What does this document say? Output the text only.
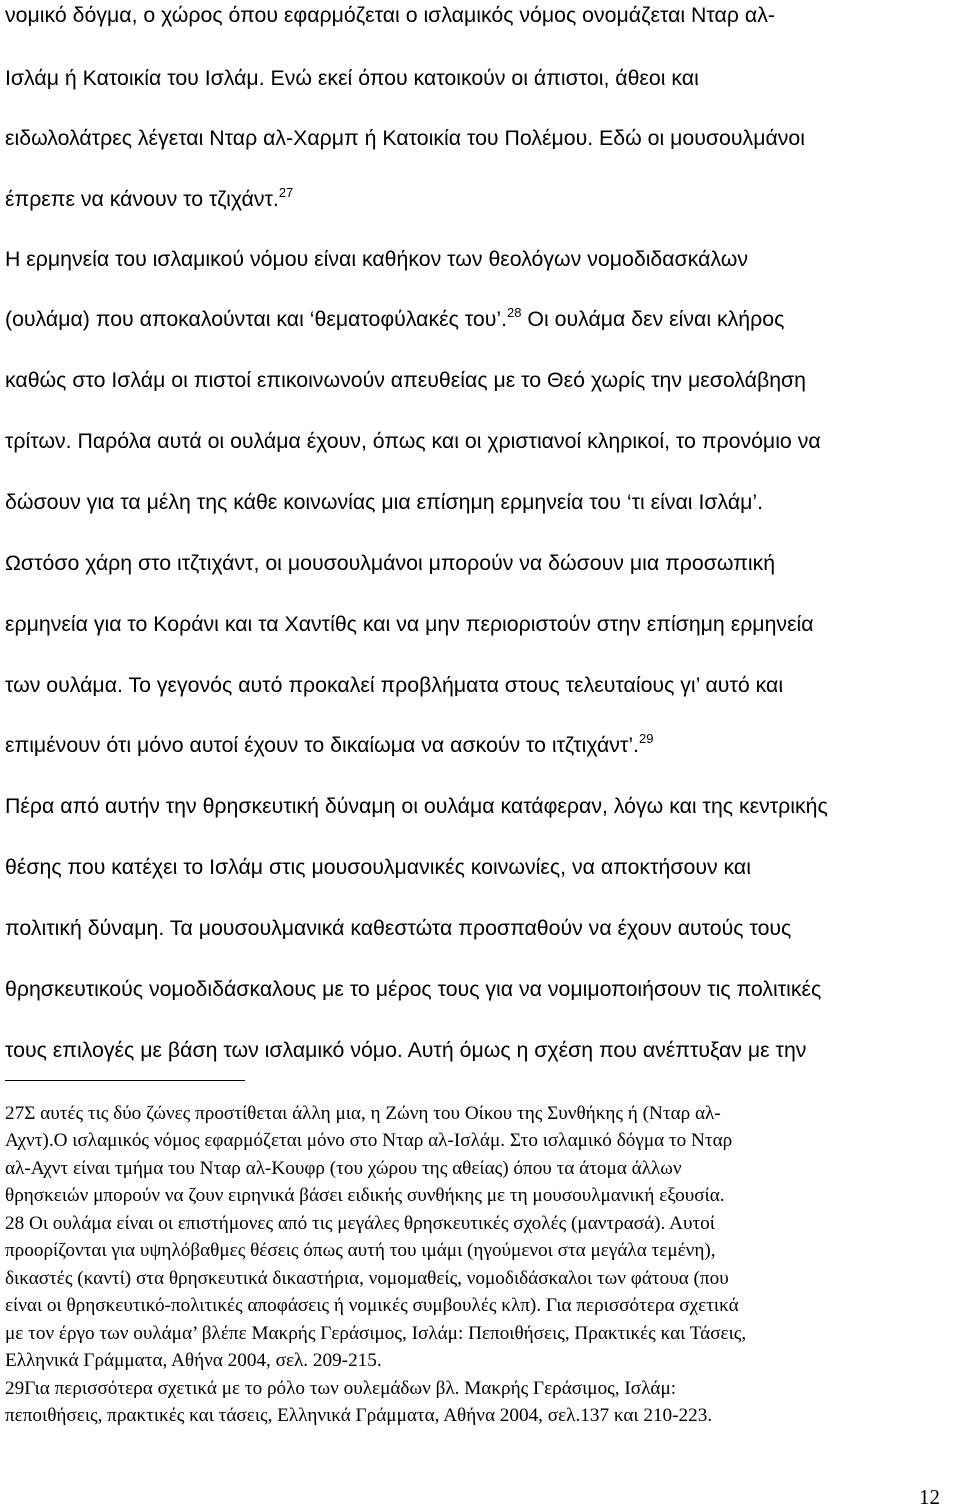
νομικό δόγμα, ο χώρος όπου εφαρμόζεται ο ισλαμικός νόμος ονομάζεται Νταρ αλ-
Ισλάμ ή Κατοικία του Ισλάμ. Ενώ εκεί όπου κατοικούν οι άπιστοι, άθεοι και
ειδωλολάτρες λέγεται Νταρ αλ-Χαρμπ ή Κατοικία του Πολέμου. Εδώ οι μουσουλμάνοι
έπρεπε να κάνουν το τζιχάντ.$^{27}$
Η ερμηνεία του ισλαμικού νόμου είναι καθήκον των θεολόγων νομοδιδασκάλων
(ουλάμα) που αποκαλούνται και ‘θεματοφύλακές του’.$^{28}$ Οι ουλάμα δεν είναι κλήρος
καθώς στο Ισλάμ οι πιστοί επικοινωνούν απευθείας με το Θεό χωρίς την μεσολάβηση
τρίτων. Παρόλα αυτά οι ουλάμα έχουν, όπως και οι χριστιανοί κληρικοί, το προνόμιο να
δώσουν για τα μέλη της κάθε κοινωνίας μια επίσημη ερμηνεία του ‘τι είναι Ισλάμ’.
Ωστόσο χάρη στο ιτζτιχάντ, οι μουσουλμάνοι μπορούν να δώσουν μια προσωπική
ερμηνεία για το Κοράνι και τα Χαντίθς και να μην περιοριστούν στην επίσημη ερμηνεία
των ουλάμα. Το γεγονός αυτό προκαλεί προβλήματα στους τελευταίους γι’ αυτό και
επιμένουν ότι μόνο αυτοί έχουν το δικαίωμα να ασκούν το ιτζτιχάντ’.$^{29}$
Πέρα από αυτήν την θρησκευτική δύναμη οι ουλάμα κατάφεραν, λόγω και της κεντρικής
θέσης που κατέχει το Ισλάμ στις μουσουλμανικές κοινωνίες, να αποκτήσουν και
πολιτική δύναμη. Τα μουσουλμανικά καθεστώτα προσπαθούν να έχουν αυτούς τους
θρησκευτικούς νομοδιδάσκαλους με το μέρος τους για να νομιμοποιήσουν τις πολιτικές
τους επιλογές με βάση των ισλαμικό νόμο. Αυτή όμως η σχέση που ανέπτυξαν με την
27Σ αυτές τις δύο ζώνες προστίθεται άλλη μια, η Ζώνη του Οίκου της Συνθήκης ή (Νταρ αλ-
Αχντ).Ο ισλαμικός νόμος εφαρμόζεται μόνο στο Νταρ αλ-Ισλάμ. Στο ισλαμικό δόγμα το Νταρ
αλ-Αχντ είναι τμήμα του Νταρ αλ-Κουφρ (του χώρου της αθείας) όπου τα άτομα άλλων
θρησκειών μπορούν να ζουν ειρηνικά βάσει ειδικής συνθήκης με τη μουσουλμανική εξουσία.
28 Οι ουλάμα είναι οι επιστήμονες από τις μεγάλες θρησκευτικές σχολές (μαντρασά). Αυτοί
προορίζονται για υψηλόβαθμες θέσεις όπως αυτή του ιμάμι (ηγούμενοι στα μεγάλα τεμένη),
δικαστές (καντί) στα θρησκευτικά δικαστήρια, νομομαθείς, νομοδιδάσκαλοι των φάτουα (που
είναι οι θρησκευτικό-πολιτικές αποφάσεις ή νομικές συμβουλές κλπ). Για περισσότερα σχετικά
με τον έργο των ουλάμα’ βλέπε Μακρής Γεράσιμος, Ισλάμ: Πεποιθήσεις, Πρακτικές και Τάσεις,
Ελληνικά Γράμματα, Αθήνα 2004, σελ. 209-215.
29Για περισσότερα σχετικά με το ρόλο των ουλεμάδων βλ. Μακρής Γεράσιμος, Ισλάμ:
πεποιθήσεις, πρακτικές και τάσεις, Ελληνικά Γράμματα, Αθήνα 2004, σελ.137 και 210-223.
12
